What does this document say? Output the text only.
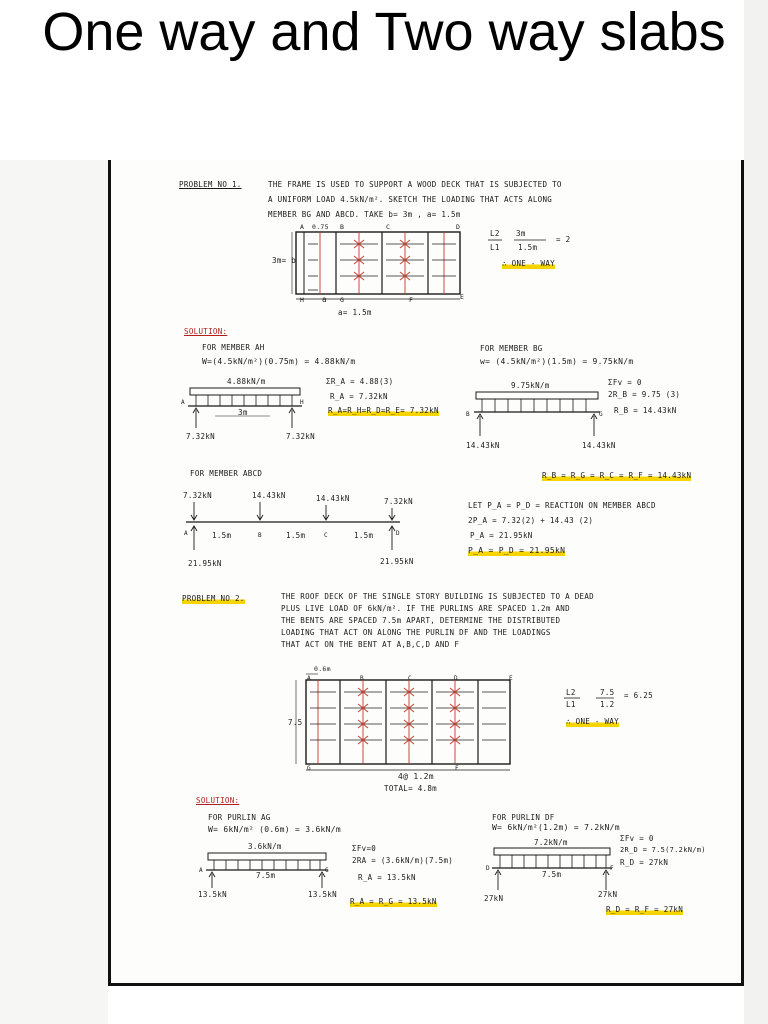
One way and Two way slabs
PROBLEM NO 1.	THE FRAME IS USED TO SUPPORT A WOOD DECK THAT IS SUBJECTED TO
A UNIFORM LOAD 4.5kN/m². SKETCH THE LOADING THAT ACTS ALONG
MEMBER BG AND ABCD. TAKE b= 3m , a= 1.5m
A 0.75 B	C	D
3m= b
H a G	F	E
a= 1.5m
L2
L1
3m
1.5m
= 2
∴ ONE - WAY
SOLUTION:
FOR MEMBER AH
W=(4.5kN/m²)(0.75m) = 4.88kN/m
4.88kN/m
A	H
3m
7.32kN	7.32kN
ΣR_A = 4.88(3)
R_A = 7.32kN
R_A=R_H=R_D=R_E= 7.32kN
FOR MEMBER BG
w= (4.5kN/m²)(1.5m) = 9.75kN/m
9.75kN/m
B	G
14.43kN	14.43kN
ΣFv = 0
2R_B = 9.75 (3)
R_B = 14.43kN
R_B = R_G = R_C = R_F = 14.43kN
FOR MEMBER ABCD
7.32kN	14.43kN	14.43kN	7.32kN
A	1.5m	B	1.5m	C	1.5m	D
21.95kN	21.95kN
LET P_A = P_D = REACTION ON MEMBER ABCD
2P_A = 7.32(2) + 14.43 (2)
P_A = 21.95kN
P_A = P_D = 21.95kN
PROBLEM NO 2.	THE ROOF DECK OF THE SINGLE STORY BUILDING IS SUBJECTED TO A DEAD
PLUS LIVE LOAD OF 6kN/m². IF THE PURLINS ARE SPACED 1.2m AND
THE BENTS ARE SPACED 7.5m APART, DETERMINE THE DISTRIBUTED
LOADING THAT ACT ON ALONG THE PURLIN DF AND THE LOADINGS
THAT ACT ON THE BENT AT A,B,C,D AND F
0.6m
A	B	C	D	E
7.5
G	F
4@ 1.2m
TOTAL= 4.8m
L2
L1
7.5
1.2
= 6.25
∴ ONE - WAY
SOLUTION:
FOR PURLIN AG
W= 6kN/m² (0.6m) = 3.6kN/m
3.6kN/m
A	G
7.5m
13.5kN	13.5kN
ΣFv=0
2RA = (3.6kN/m)(7.5m)
R_A = 13.5kN
R_A = R_G = 13.5kN
FOR PURLIN DF
W= 6kN/m²(1.2m) = 7.2kN/m
7.2kN/m
D	F
7.5m
27kN	27kN
ΣFv = 0
2R_D = 7.5(7.2kN/m)
R_D = 27kN
R_D = R_F = 27kN
